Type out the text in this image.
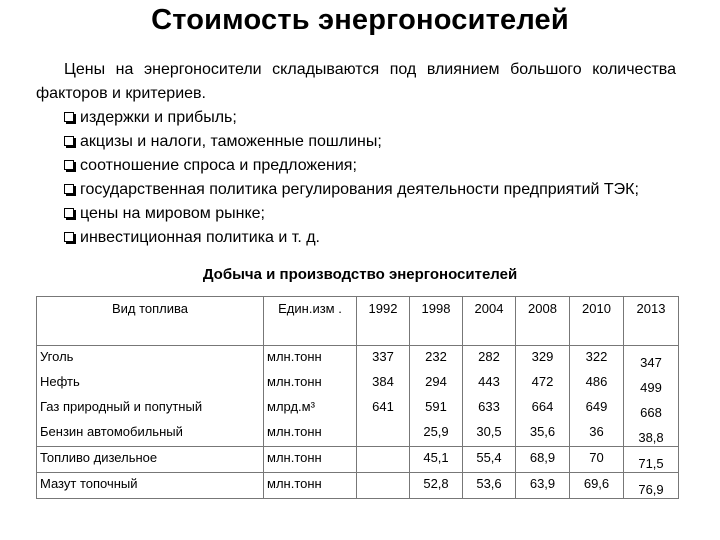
Стоимость энергоносителей

Цены на энергоносители складываются под влиянием большого количества факторов и критериев.

издержки и прибыль;
акцизы и налоги, таможенные пошлины;
соотношение спроса и предложения;
государственная политика регулирования деятельности предприятий ТЭК;
цены на мировом рынке;
инвестиционная политика и т. д.
Добыча и производство энергоносителей
Вид топлива	Един.изм .	1992	1998	2004	2008	2010	2013
Уголь	млн.тонн	337	232	282	329	322	347
Нефть	млн.тонн	384	294	443	472	486	499
Газ природный и попутный	млрд.м³	641	591	633	664	649	668
Бензин автомобильный	млн.тонн		25,9	30,5	35,6	36	38,8
Топливо дизельное	млн.тонн		45,1	55,4	68,9	70	71,5
Мазут топочный	млн.тонн		52,8	53,6	63,9	69,6	76,9
